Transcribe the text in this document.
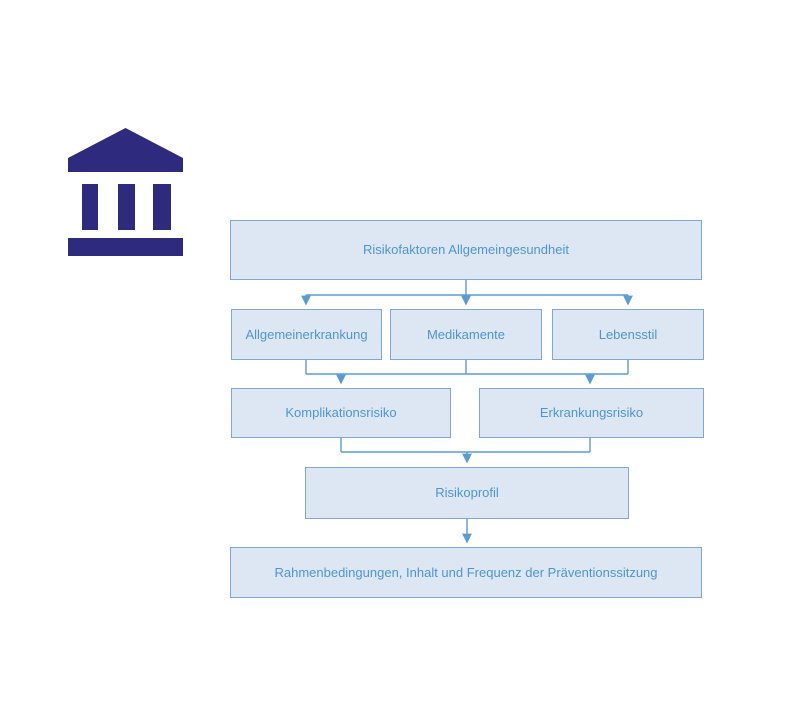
Risikofaktoren Allgemeingesundheit
Allgemeinerkrankung	Medikamente	Lebensstil
Komplikationsrisiko	Erkrankungsrisiko
Risikoprofil
Rahmenbedingungen, Inhalt und Frequenz der Präventionssitzung
